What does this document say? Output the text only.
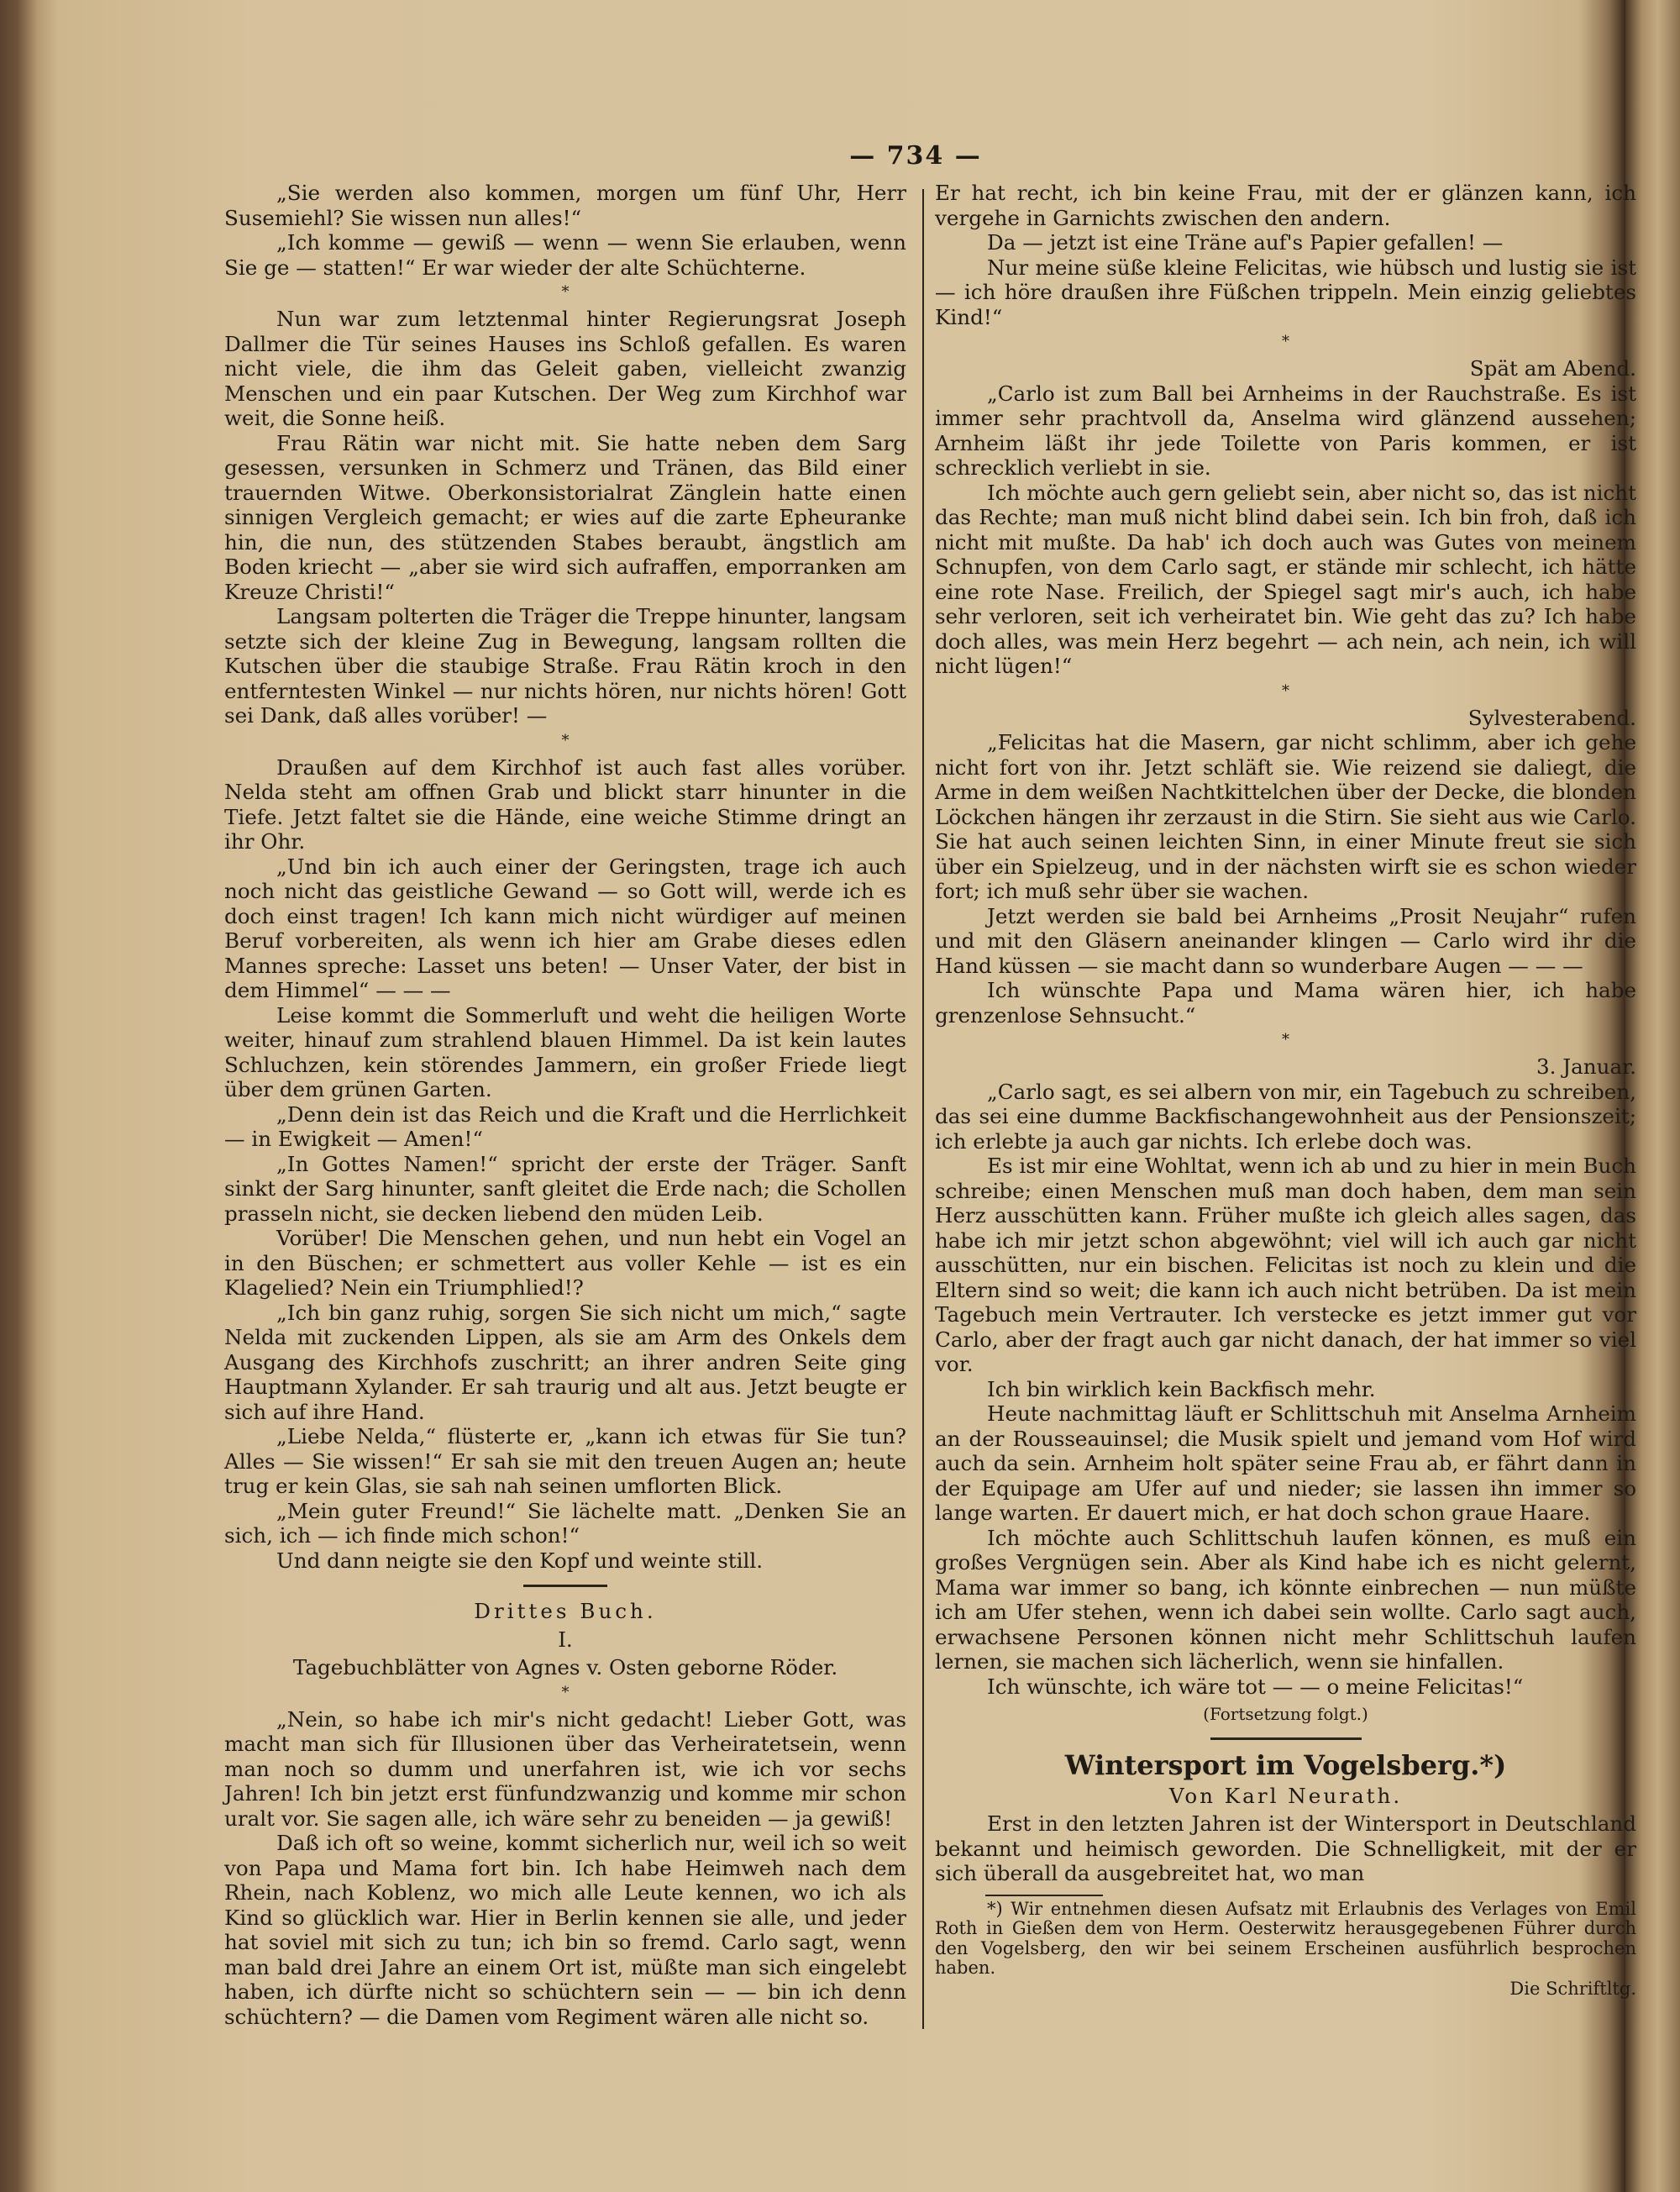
— 734 —

„Sie werden also kommen, morgen um fünf Uhr, Herr Susemiehl? Sie wissen nun alles!“

„Ich komme — gewiß — wenn — wenn Sie erlauben, wenn Sie ge — statten!“ Er war wieder der alte Schüchterne.

*

Nun war zum letztenmal hinter Regierungsrat Joseph Dallmer die Tür seines Hauses ins Schloß gefallen. Es waren nicht viele, die ihm das Geleit gaben, vielleicht zwanzig Menschen und ein paar Kutschen. Der Weg zum Kirchhof war weit, die Sonne heiß.

Frau Rätin war nicht mit. Sie hatte neben dem Sarg gesessen, versunken in Schmerz und Tränen, das Bild einer trauernden Witwe. Oberkonsistorialrat Zänglein hatte einen sinnigen Vergleich gemacht; er wies auf die zarte Epheuranke hin, die nun, des stützenden Stabes beraubt, ängstlich am Boden kriecht — „aber sie wird sich aufraffen, emporranken am Kreuze Christi!“

Langsam polterten die Träger die Treppe hinunter, langsam setzte sich der kleine Zug in Bewegung, langsam rollten die Kutschen über die staubige Straße. Frau Rätin kroch in den entferntesten Winkel — nur nichts hören, nur nichts hören! Gott sei Dank, daß alles vorüber! —

*

Draußen auf dem Kirchhof ist auch fast alles vorüber. Nelda steht am offnen Grab und blickt starr hinunter in die Tiefe. Jetzt faltet sie die Hände, eine weiche Stimme dringt an ihr Ohr.

„Und bin ich auch einer der Geringsten, trage ich auch noch nicht das geistliche Gewand — so Gott will, werde ich es doch einst tragen! Ich kann mich nicht würdiger auf meinen Beruf vorbereiten, als wenn ich hier am Grabe dieses edlen Mannes spreche: Lasset uns beten! — Unser Vater, der bist in dem Himmel“ — — —

Leise kommt die Sommerluft und weht die heiligen Worte weiter, hinauf zum strahlend blauen Himmel. Da ist kein lautes Schluchzen, kein störendes Jammern, ein großer Friede liegt über dem grünen Garten.

„Denn dein ist das Reich und die Kraft und die Herrlichkeit — in Ewigkeit — Amen!“

„In Gottes Namen!“ spricht der erste der Träger. Sanft sinkt der Sarg hinunter, sanft gleitet die Erde nach; die Schollen prasseln nicht, sie decken liebend den müden Leib.

Vorüber! Die Menschen gehen, und nun hebt ein Vogel an in den Büschen; er schmettert aus voller Kehle — ist es ein Klagelied? Nein ein Triumphlied!?

„Ich bin ganz ruhig, sorgen Sie sich nicht um mich,“ sagte Nelda mit zuckenden Lippen, als sie am Arm des Onkels dem Ausgang des Kirchhofs zuschritt; an ihrer andren Seite ging Hauptmann Xylander. Er sah traurig und alt aus. Jetzt beugte er sich auf ihre Hand.

„Liebe Nelda,“ flüsterte er, „kann ich etwas für Sie tun? Alles — Sie wissen!“ Er sah sie mit den treuen Augen an; heute trug er kein Glas, sie sah nah seinen umflorten Blick.

„Mein guter Freund!“ Sie lächelte matt. „Denken Sie an sich, ich — ich finde mich schon!“

Und dann neigte sie den Kopf und weinte still.

Drittes Buch.
I.
Tagebuchblätter von Agnes v. Osten geborne Röder.
*

„Nein, so habe ich mir's nicht gedacht! Lieber Gott, was macht man sich für Illusionen über das Verheiratetsein, wenn man noch so dumm und unerfahren ist, wie ich vor sechs Jahren! Ich bin jetzt erst fünfundzwanzig und komme mir schon uralt vor. Sie sagen alle, ich wäre sehr zu beneiden — ja gewiß!

Daß ich oft so weine, kommt sicherlich nur, weil ich so weit von Papa und Mama fort bin. Ich habe Heimweh nach dem Rhein, nach Koblenz, wo mich alle Leute kennen, wo ich als Kind so glücklich war. Hier in Berlin kennen sie alle, und jeder hat soviel mit sich zu tun; ich bin so fremd. Carlo sagt, wenn man bald drei Jahre an einem Ort ist, müßte man sich eingelebt haben, ich dürfte nicht so schüchtern sein — — bin ich denn schüchtern? — die Damen vom Regiment wären alle nicht so.

Er hat recht, ich bin keine Frau, mit der er glänzen kann, ich vergehe in Garnichts zwischen den andern.

Da — jetzt ist eine Träne auf's Papier gefallen! —

Nur meine süße kleine Felicitas, wie hübsch und lustig sie ist — ich höre draußen ihre Füßchen trippeln. Mein einzig geliebtes Kind!“

*
Spät am Abend.

„Carlo ist zum Ball bei Arnheims in der Rauchstraße. Es ist immer sehr prachtvoll da, Anselma wird glänzend aussehen; Arnheim läßt ihr jede Toilette von Paris kommen, er ist schrecklich verliebt in sie.

Ich möchte auch gern geliebt sein, aber nicht so, das ist nicht das Rechte; man muß nicht blind dabei sein. Ich bin froh, daß ich nicht mit mußte. Da hab' ich doch auch was Gutes von meinem Schnupfen, von dem Carlo sagt, er stände mir schlecht, ich hätte eine rote Nase. Freilich, der Spiegel sagt mir's auch, ich habe sehr verloren, seit ich verheiratet bin. Wie geht das zu? Ich habe doch alles, was mein Herz begehrt — ach nein, ach nein, ich will nicht lügen!“

*
Sylvesterabend.

„Felicitas hat die Masern, gar nicht schlimm, aber ich gehe nicht fort von ihr. Jetzt schläft sie. Wie reizend sie daliegt, die Arme in dem weißen Nachtkittelchen über der Decke, die blonden Löckchen hängen ihr zerzaust in die Stirn. Sie sieht aus wie Carlo. Sie hat auch seinen leichten Sinn, in einer Minute freut sie sich über ein Spielzeug, und in der nächsten wirft sie es schon wieder fort; ich muß sehr über sie wachen.

Jetzt werden sie bald bei Arnheims „Prosit Neujahr“ rufen und mit den Gläsern aneinander klingen — Carlo wird ihr die Hand küssen — sie macht dann so wunderbare Augen — — —

Ich wünschte Papa und Mama wären hier, ich habe grenzenlose Sehnsucht.“

*
3. Januar.

„Carlo sagt, es sei albern von mir, ein Tagebuch zu schreiben, das sei eine dumme Backfischangewohnheit aus der Pensionszeit; ich erlebte ja auch gar nichts. Ich erlebe doch was.

Es ist mir eine Wohltat, wenn ich ab und zu hier in mein Buch schreibe; einen Menschen muß man doch haben, dem man sein Herz ausschütten kann. Früher mußte ich gleich alles sagen, das habe ich mir jetzt schon abgewöhnt; viel will ich auch gar nicht ausschütten, nur ein bischen. Felicitas ist noch zu klein und die Eltern sind so weit; die kann ich auch nicht betrüben. Da ist mein Tagebuch mein Vertrauter. Ich verstecke es jetzt immer gut vor Carlo, aber der fragt auch gar nicht danach, der hat immer so viel vor.

Ich bin wirklich kein Backfisch mehr.

Heute nachmittag läuft er Schlittschuh mit Anselma Arnheim an der Rousseauinsel; die Musik spielt und jemand vom Hof wird auch da sein. Arnheim holt später seine Frau ab, er fährt dann in der Equipage am Ufer auf und nieder; sie lassen ihn immer so lange warten. Er dauert mich, er hat doch schon graue Haare.

Ich möchte auch Schlittschuh laufen können, es muß ein großes Vergnügen sein. Aber als Kind habe ich es nicht gelernt, Mama war immer so bang, ich könnte einbrechen — nun müßte ich am Ufer stehen, wenn ich dabei sein wollte. Carlo sagt auch, erwachsene Personen können nicht mehr Schlittschuh laufen lernen, sie machen sich lächerlich, wenn sie hinfallen.

Ich wünschte, ich wäre tot — — o meine Felicitas!“

(Fortsetzung folgt.)
Wintersport im Vogelsberg.*)
Von Karl Neurath.

Erst in den letzten Jahren ist der Wintersport in Deutschland bekannt und heimisch geworden. Die Schnelligkeit, mit der er sich überall da ausgebreitet hat, wo man

*) Wir entnehmen diesen Aufsatz mit Erlaubnis des Verlages von Emil Roth in Gießen dem von Herm. Oesterwitz herausgegebenen Führer durch den Vogelsberg, den wir bei seinem Erscheinen ausführlich besprochen haben.

Die Schriftltg.
